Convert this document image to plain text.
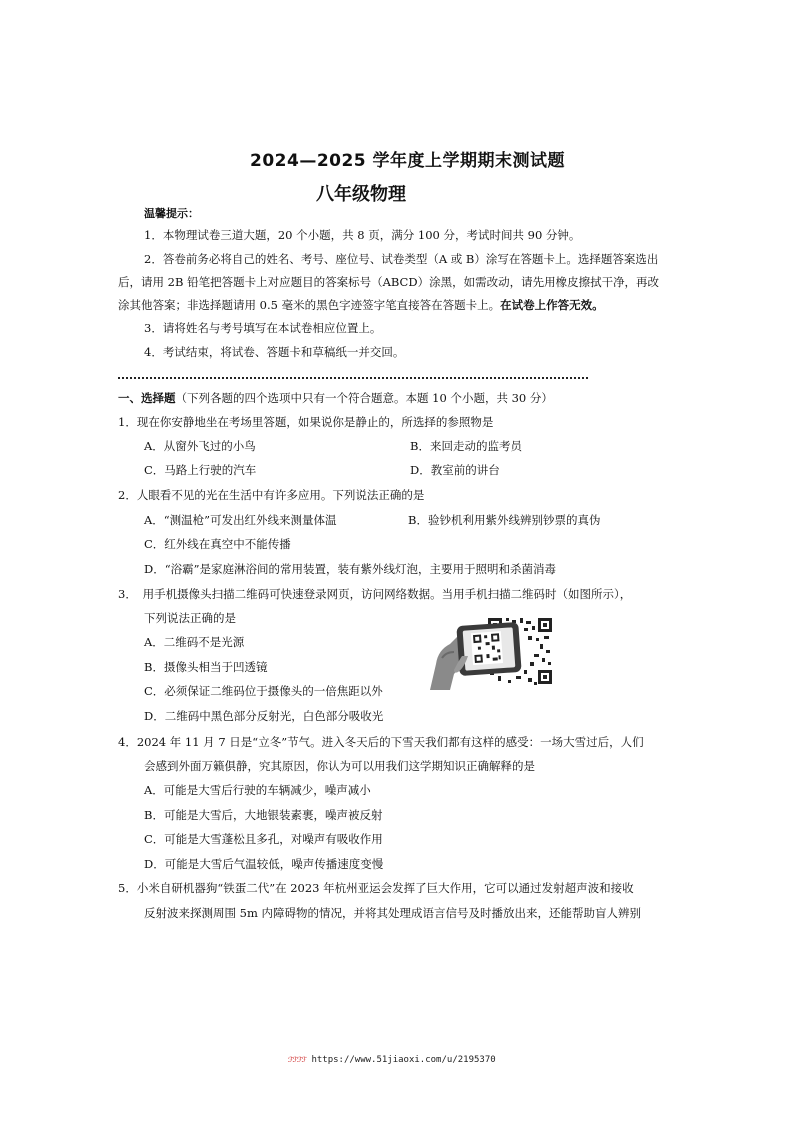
2024—2025 学年度上学期期末测试题
八年级物理
温馨提示：
1．本物理试卷三道大题，20 个小题，共 8 页，满分 100 分，考试时间共 90 分钟。
2．答卷前务必将自己的姓名、考号、座位号、试卷类型（A 或 B）涂写在答题卡上。选择题答案选出
后，请用 2B 铅笔把答题卡上对应题目的答案标号（ABCD）涂黑，如需改动，请先用橡皮擦拭干净，再改
涂其他答案；非选择题请用 0.5 毫米的黑色字迹签字笔直接答在答题卡上。在试卷上作答无效。
3．请将姓名与考号填写在本试卷相应位置上。
4．考试结束，将试卷、答题卡和草稿纸一并交回。
一、选择题（下列各题的四个选项中只有一个符合题意。本题 10 个小题，共 30 分）
1．现在你安静地坐在考场里答题，如果说你是静止的，所选择的参照物是
A．从窗外飞过的小鸟	B．来回走动的监考员
C．马路上行驶的汽车	D．教室前的讲台
2．人眼看不见的光在生活中有许多应用。下列说法正确的是
A．“测温枪”可发出红外线来测量体温	B．验钞机利用紫外线辨别钞票的真伪
C．红外线在真空中不能传播
D．“浴霸”是家庭淋浴间的常用装置，装有紫外线灯泡，主要用于照明和杀菌消毒
3．　用手机摄像头扫描二维码可快速登录网页，访问网络数据。当用手机扫描二维码时（如图所示），
下列说法正确的是
A．二维码不是光源
B．摄像头相当于凹透镜
C．必须保证二维码位于摄像头的一倍焦距以外
D．二维码中黑色部分反射光，白色部分吸收光
4．2024 年 11 月 7 日是“立冬”节气。进入冬天后的下雪天我们都有这样的感受：一场大雪过后，人们
会感到外面万籁俱静，究其原因，你认为可以用我们这学期知识正确解释的是
A．可能是大雪后行驶的车辆减少，噪声减小
B．可能是大雪后，大地银装素裹，噪声被反射
C．可能是大雪蓬松且多孔，对噪声有吸收作用
D．可能是大雪后气温较低，噪声传播速度变慢
5．小米自研机器狗“铁蛋二代”在 2023 年杭州亚运会发挥了巨大作用，它可以通过发射超声波和接收
反射波来探测周围 5m 内障碍物的情况，并将其处理成语言信号及时播放出来，还能帮助盲人辨别
ℱℱℱℱ https://www.51jiaoxi.com/u/2195370
